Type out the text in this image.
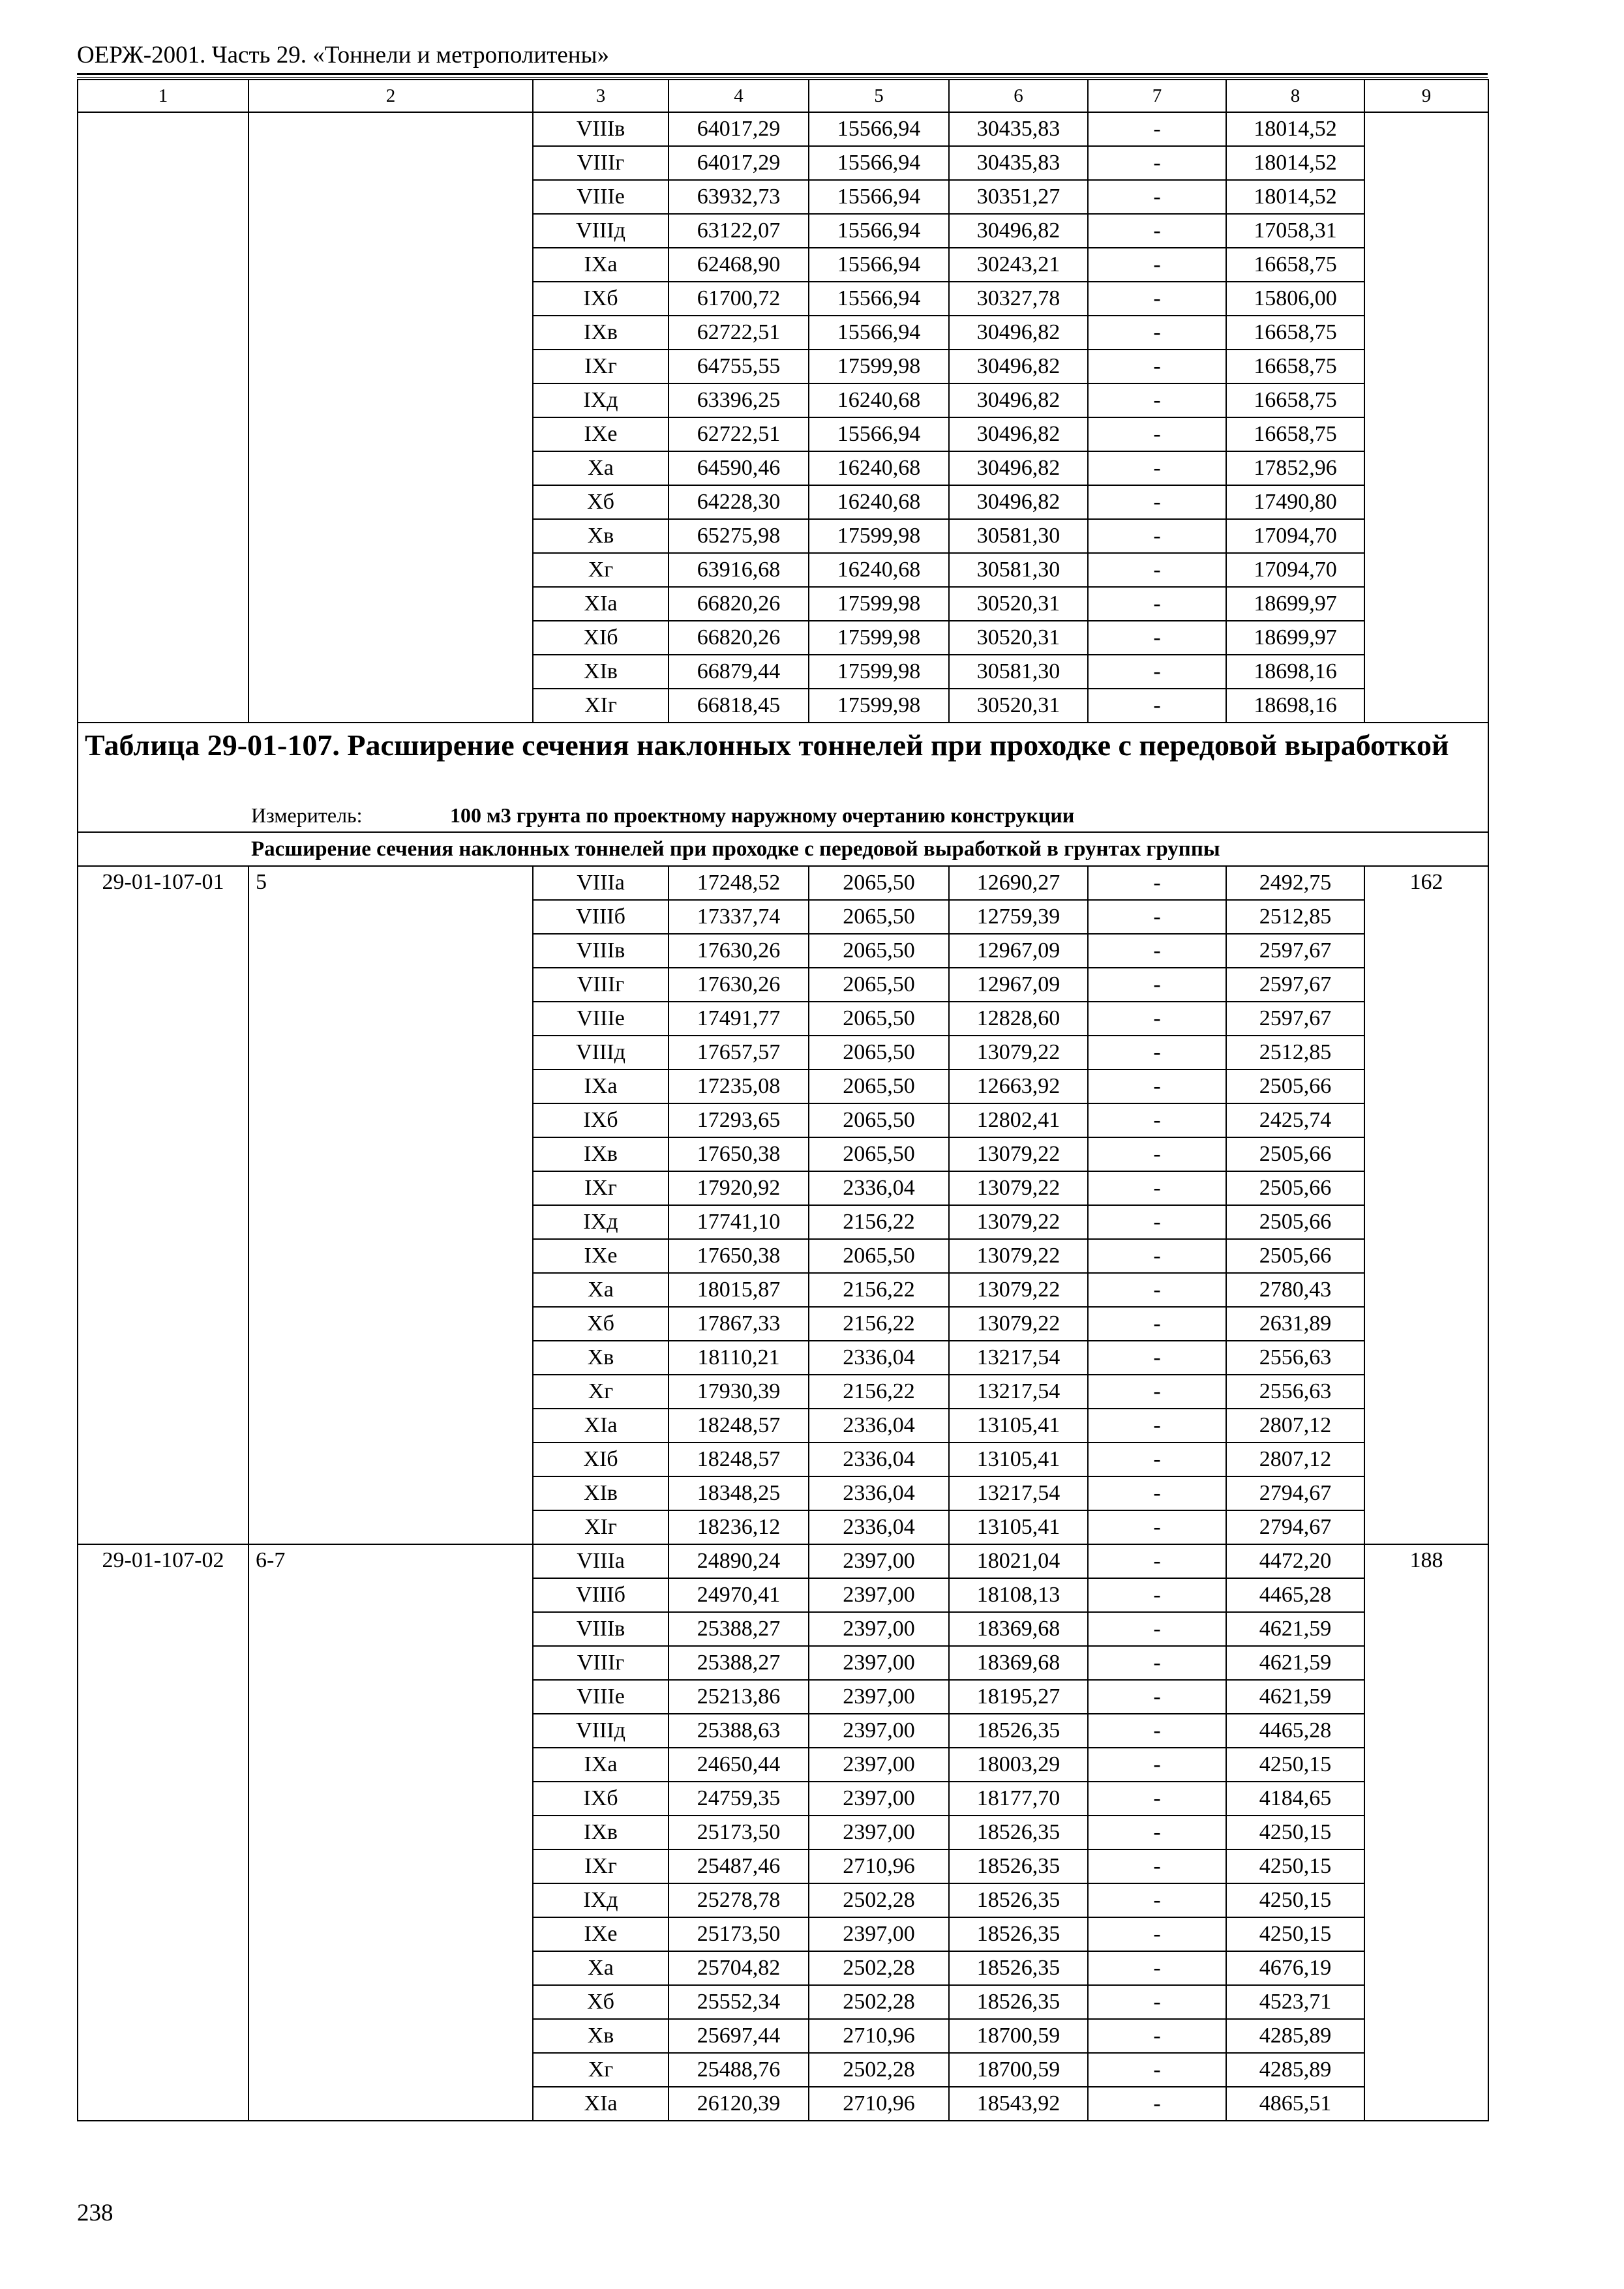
ОЕРЖ-2001. Часть 29. «Тоннели и метрополитены»
1	2	3	4	5	6	7	8	9
		VIIIв	64017,29	15566,94	30435,83	-	18014,52	
		VIIIг	64017,29	15566,94	30435,83	-	18014,52	
		VIIIе	63932,73	15566,94	30351,27	-	18014,52	
		VIIIд	63122,07	15566,94	30496,82	-	17058,31	
		IXа	62468,90	15566,94	30243,21	-	16658,75	
		IXб	61700,72	15566,94	30327,78	-	15806,00	
		IXв	62722,51	15566,94	30496,82	-	16658,75	
		IXг	64755,55	17599,98	30496,82	-	16658,75	
		IXд	63396,25	16240,68	30496,82	-	16658,75	
		IXе	62722,51	15566,94	30496,82	-	16658,75	
		Xа	64590,46	16240,68	30496,82	-	17852,96	
		Xб	64228,30	16240,68	30496,82	-	17490,80	
		Xв	65275,98	17599,98	30581,30	-	17094,70	
		Xг	63916,68	16240,68	30581,30	-	17094,70	
		XIа	66820,26	17599,98	30520,31	-	18699,97	
		XIб	66820,26	17599,98	30520,31	-	18699,97	
		XIв	66879,44	17599,98	30581,30	-	18698,16	
		XIг	66818,45	17599,98	30520,31	-	18698,16	
Таблица 29-01-107. Расширение сечения наклонных тоннелей при проходке с передовой выработкой								
Измеритель: 100 м3 грунта по проектному наружному очертанию конструкции								
Расширение сечения наклонных тоннелей при проходке с передовой выработкой в грунтах группы								
29-01-107-01	5	VIIIа	17248,52	2065,50	12690,27	-	2492,75	162
		VIIIб	17337,74	2065,50	12759,39	-	2512,85	
		VIIIв	17630,26	2065,50	12967,09	-	2597,67	
		VIIIг	17630,26	2065,50	12967,09	-	2597,67	
		VIIIе	17491,77	2065,50	12828,60	-	2597,67	
		VIIIд	17657,57	2065,50	13079,22	-	2512,85	
		IXа	17235,08	2065,50	12663,92	-	2505,66	
		IXб	17293,65	2065,50	12802,41	-	2425,74	
		IXв	17650,38	2065,50	13079,22	-	2505,66	
		IXг	17920,92	2336,04	13079,22	-	2505,66	
		IXд	17741,10	2156,22	13079,22	-	2505,66	
		IXе	17650,38	2065,50	13079,22	-	2505,66	
		Xа	18015,87	2156,22	13079,22	-	2780,43	
		Xб	17867,33	2156,22	13079,22	-	2631,89	
		Xв	18110,21	2336,04	13217,54	-	2556,63	
		Xг	17930,39	2156,22	13217,54	-	2556,63	
		XIа	18248,57	2336,04	13105,41	-	2807,12	
		XIб	18248,57	2336,04	13105,41	-	2807,12	
		XIв	18348,25	2336,04	13217,54	-	2794,67	
		XIг	18236,12	2336,04	13105,41	-	2794,67	
29-01-107-02	6-7	VIIIа	24890,24	2397,00	18021,04	-	4472,20	188
		VIIIб	24970,41	2397,00	18108,13	-	4465,28	
		VIIIв	25388,27	2397,00	18369,68	-	4621,59	
		VIIIг	25388,27	2397,00	18369,68	-	4621,59	
		VIIIе	25213,86	2397,00	18195,27	-	4621,59	
		VIIIд	25388,63	2397,00	18526,35	-	4465,28	
		IXа	24650,44	2397,00	18003,29	-	4250,15	
		IXб	24759,35	2397,00	18177,70	-	4184,65	
		IXв	25173,50	2397,00	18526,35	-	4250,15	
		IXг	25487,46	2710,96	18526,35	-	4250,15	
		IXд	25278,78	2502,28	18526,35	-	4250,15	
		IXе	25173,50	2397,00	18526,35	-	4250,15	
		Xа	25704,82	2502,28	18526,35	-	4676,19	
		Xб	25552,34	2502,28	18526,35	-	4523,71	
		Xв	25697,44	2710,96	18700,59	-	4285,89	
		Xг	25488,76	2502,28	18700,59	-	4285,89	
		XIа	26120,39	2710,96	18543,92	-	4865,51	
238
